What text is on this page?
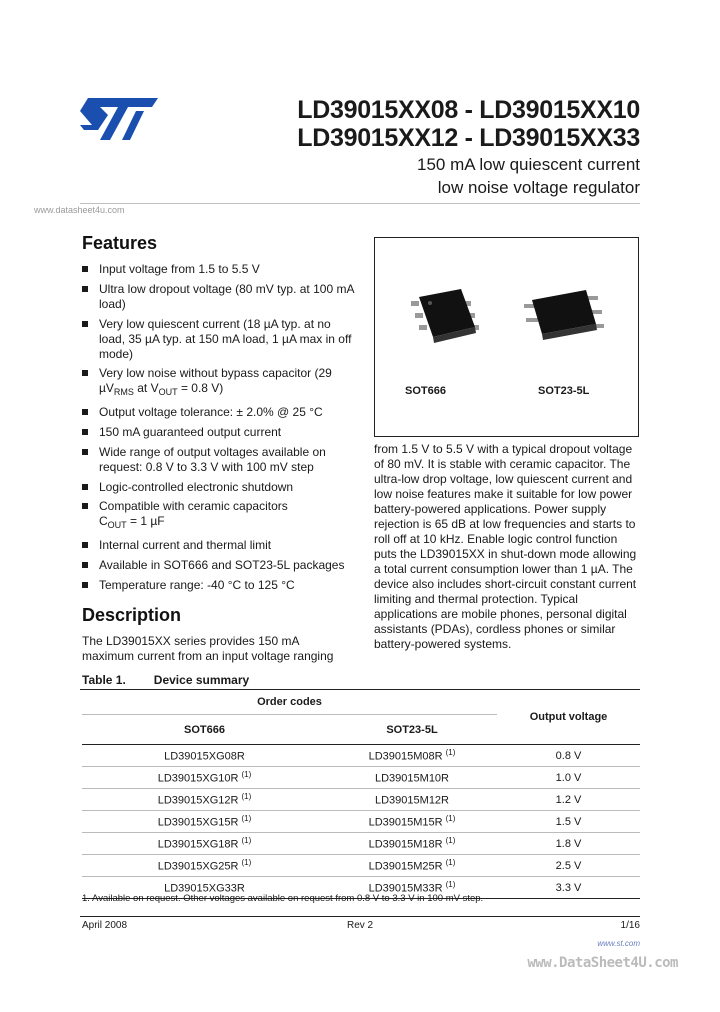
LD39015XX08 - LD39015XX10
LD39015XX12 - LD39015XX33
150 mA low quiescent current
low noise voltage regulator
www.datasheet4u.com
Features
Input voltage from 1.5 to 5.5 V
Ultra low dropout voltage (80 mV typ. at 100 mA load)
Very low quiescent current (18 µA typ. at no load, 35 µA typ. at 150 mA load, 1 µA max in off mode)
Very low noise without bypass capacitor (29 µV$_{RMS}$ at $V_{OUT} = 0.8$ V)
Output voltage tolerance: ± 2.0% @ 25 °C
150 mA guaranteed output current
Wide range of output voltages available on request: 0.8 V to 3.3 V with 100 mV step
Logic-controlled electronic shutdown
Compatible with ceramic capacitors
$C_{OUT} = 1$ µF
Internal current and thermal limit
Available in SOT666 and SOT23-5L packages
Temperature range: -40 °C to 125 °C
SOT666	SOT23-5L
Description
The LD39015XX series provides 150 mA maximum current from an input voltage ranging
from 1.5 V to 5.5 V with a typical dropout voltage of 80 mV. It is stable with ceramic capacitor. The ultra-low drop voltage, low quiescent current and low noise features make it suitable for low power battery-powered applications. Power supply rejection is 65 dB at low frequencies and starts to roll off at 10 kHz. Enable logic control function puts the LD39015XX in shut-down mode allowing a total current consumption lower than 1 µA. The device also includes short-circuit constant current limiting and thermal protection. Typical applications are mobile phones, personal digital assistants (PDAs), cordless phones or similar battery-powered systems.
Table 1. Device summary
Order codes		Output voltage
SOT666	SOT23-5L	
LD39015XG08R	LD39015M08R $^{(1)}$	0.8 V
LD39015XG10R $^{(1)}$	LD39015M10R	1.0 V
LD39015XG12R $^{(1)}$	LD39015M12R	1.2 V
LD39015XG15R $^{(1)}$	LD39015M15R $^{(1)}$	1.5 V
LD39015XG18R $^{(1)}$	LD39015M18R $^{(1)}$	1.8 V
LD39015XG25R $^{(1)}$	LD39015M25R $^{(1)}$	2.5 V
LD39015XG33R	LD39015M33R $^{(1)}$	3.3 V
1. Available on request. Other voltages available on request from 0.8 V to 3.3 V in 100 mV step.
April 2008	Rev 2	1/16
www.st.com
www.DataSheet4U.com
